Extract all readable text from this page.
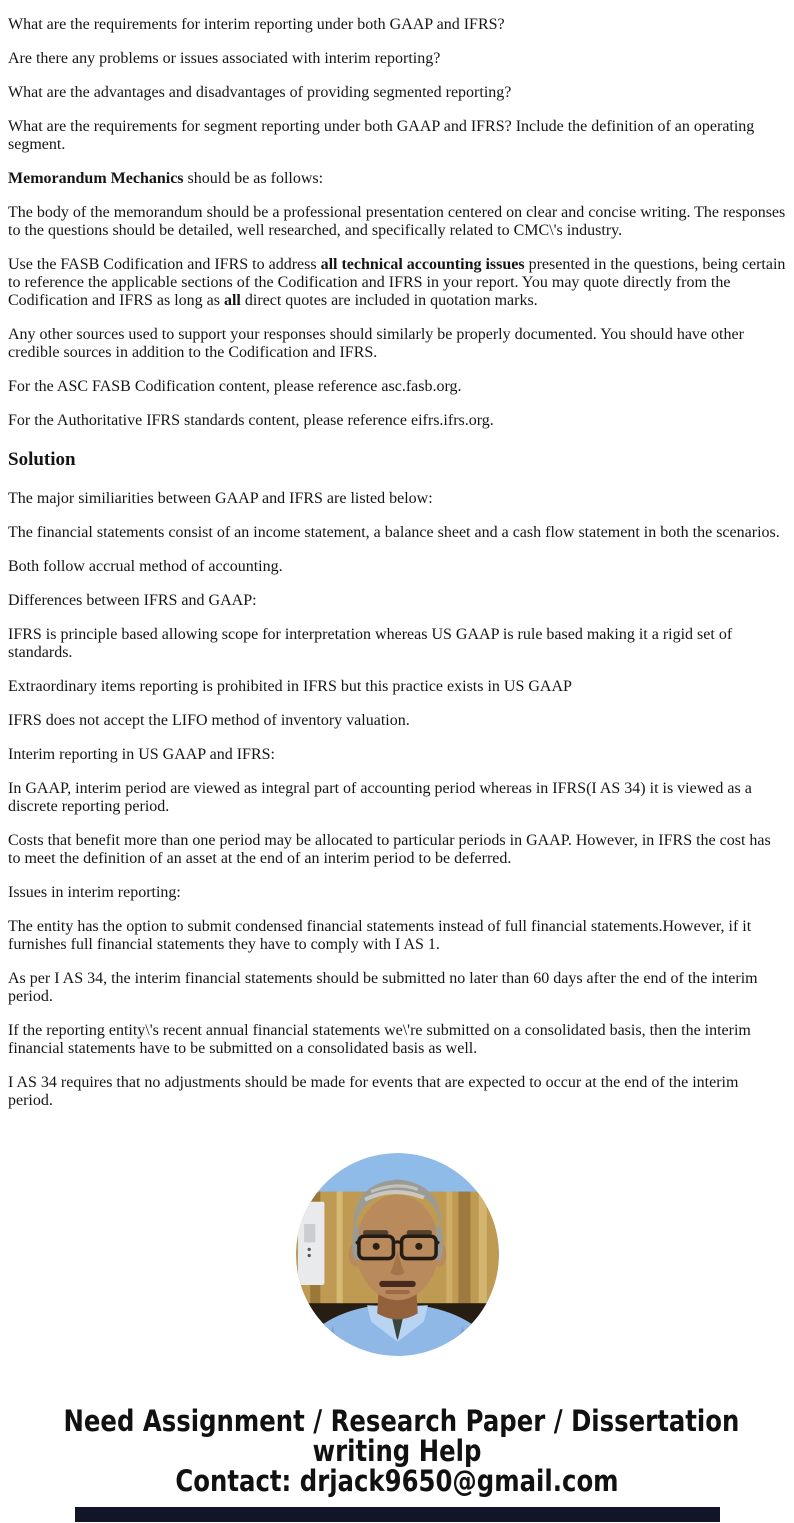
What are the requirements for interim reporting under both GAAP and IFRS?

Are there any problems or issues associated with interim reporting?

What are the advantages and disadvantages of providing segmented reporting?

What are the requirements for segment reporting under both GAAP and IFRS? Include the definition of an operating segment.

Memorandum Mechanics should be as follows:

The body of the memorandum should be a professional presentation centered on clear and concise writing. The responses to the questions should be detailed, well researched, and specifically related to CMC\'s industry.

Use the FASB Codification and IFRS to address all technical accounting issues presented in the questions, being certain to reference the applicable sections of the Codification and IFRS in your report. You may quote directly from the Codification and IFRS as long as all direct quotes are included in quotation marks.

Any other sources used to support your responses should similarly be properly documented. You should have other credible sources in addition to the Codification and IFRS.

For the ASC FASB Codification content, please reference asc.fasb.org.

For the Authoritative IFRS standards content, please reference eifrs.ifrs.org.

Solution

The major similiarities between GAAP and IFRS are listed below:

The financial statements consist of an income statement, a balance sheet and a cash flow statement in both the scenarios.

Both follow accrual method of accounting.

Differences between IFRS and GAAP:

IFRS is principle based allowing scope for interpretation whereas US GAAP is rule based making it a rigid set of standards.

Extraordinary items reporting is prohibited in IFRS but this practice exists in US GAAP

IFRS does not accept the LIFO method of inventory valuation.

Interim reporting in US GAAP and IFRS:

In GAAP, interim period are viewed as integral part of accounting period whereas in IFRS(I AS 34) it is viewed as a discrete reporting period.

Costs that benefit more than one period may be allocated to particular periods in GAAP. However, in IFRS the cost has to meet the definition of an asset at the end of an interim period to be deferred.

Issues in interim reporting:

The entity has the option to submit condensed financial statements instead of full financial statements.However, if it furnishes full financial statements they have to comply with I AS 1.

As per I AS 34, the interim financial statements should be submitted no later than 60 days after the end of the interim period.

If the reporting entity\'s recent annual financial statements we\'re submitted on a consolidated basis, then the interim financial statements have to be submitted on a consolidated basis as well.

I AS 34 requires that no adjustments should be made for events that are expected to occur at the end of the interim period.

Need Assignment / Research Paper / Dissertation
writing Help
Contact: drjack9650@gmail.com
